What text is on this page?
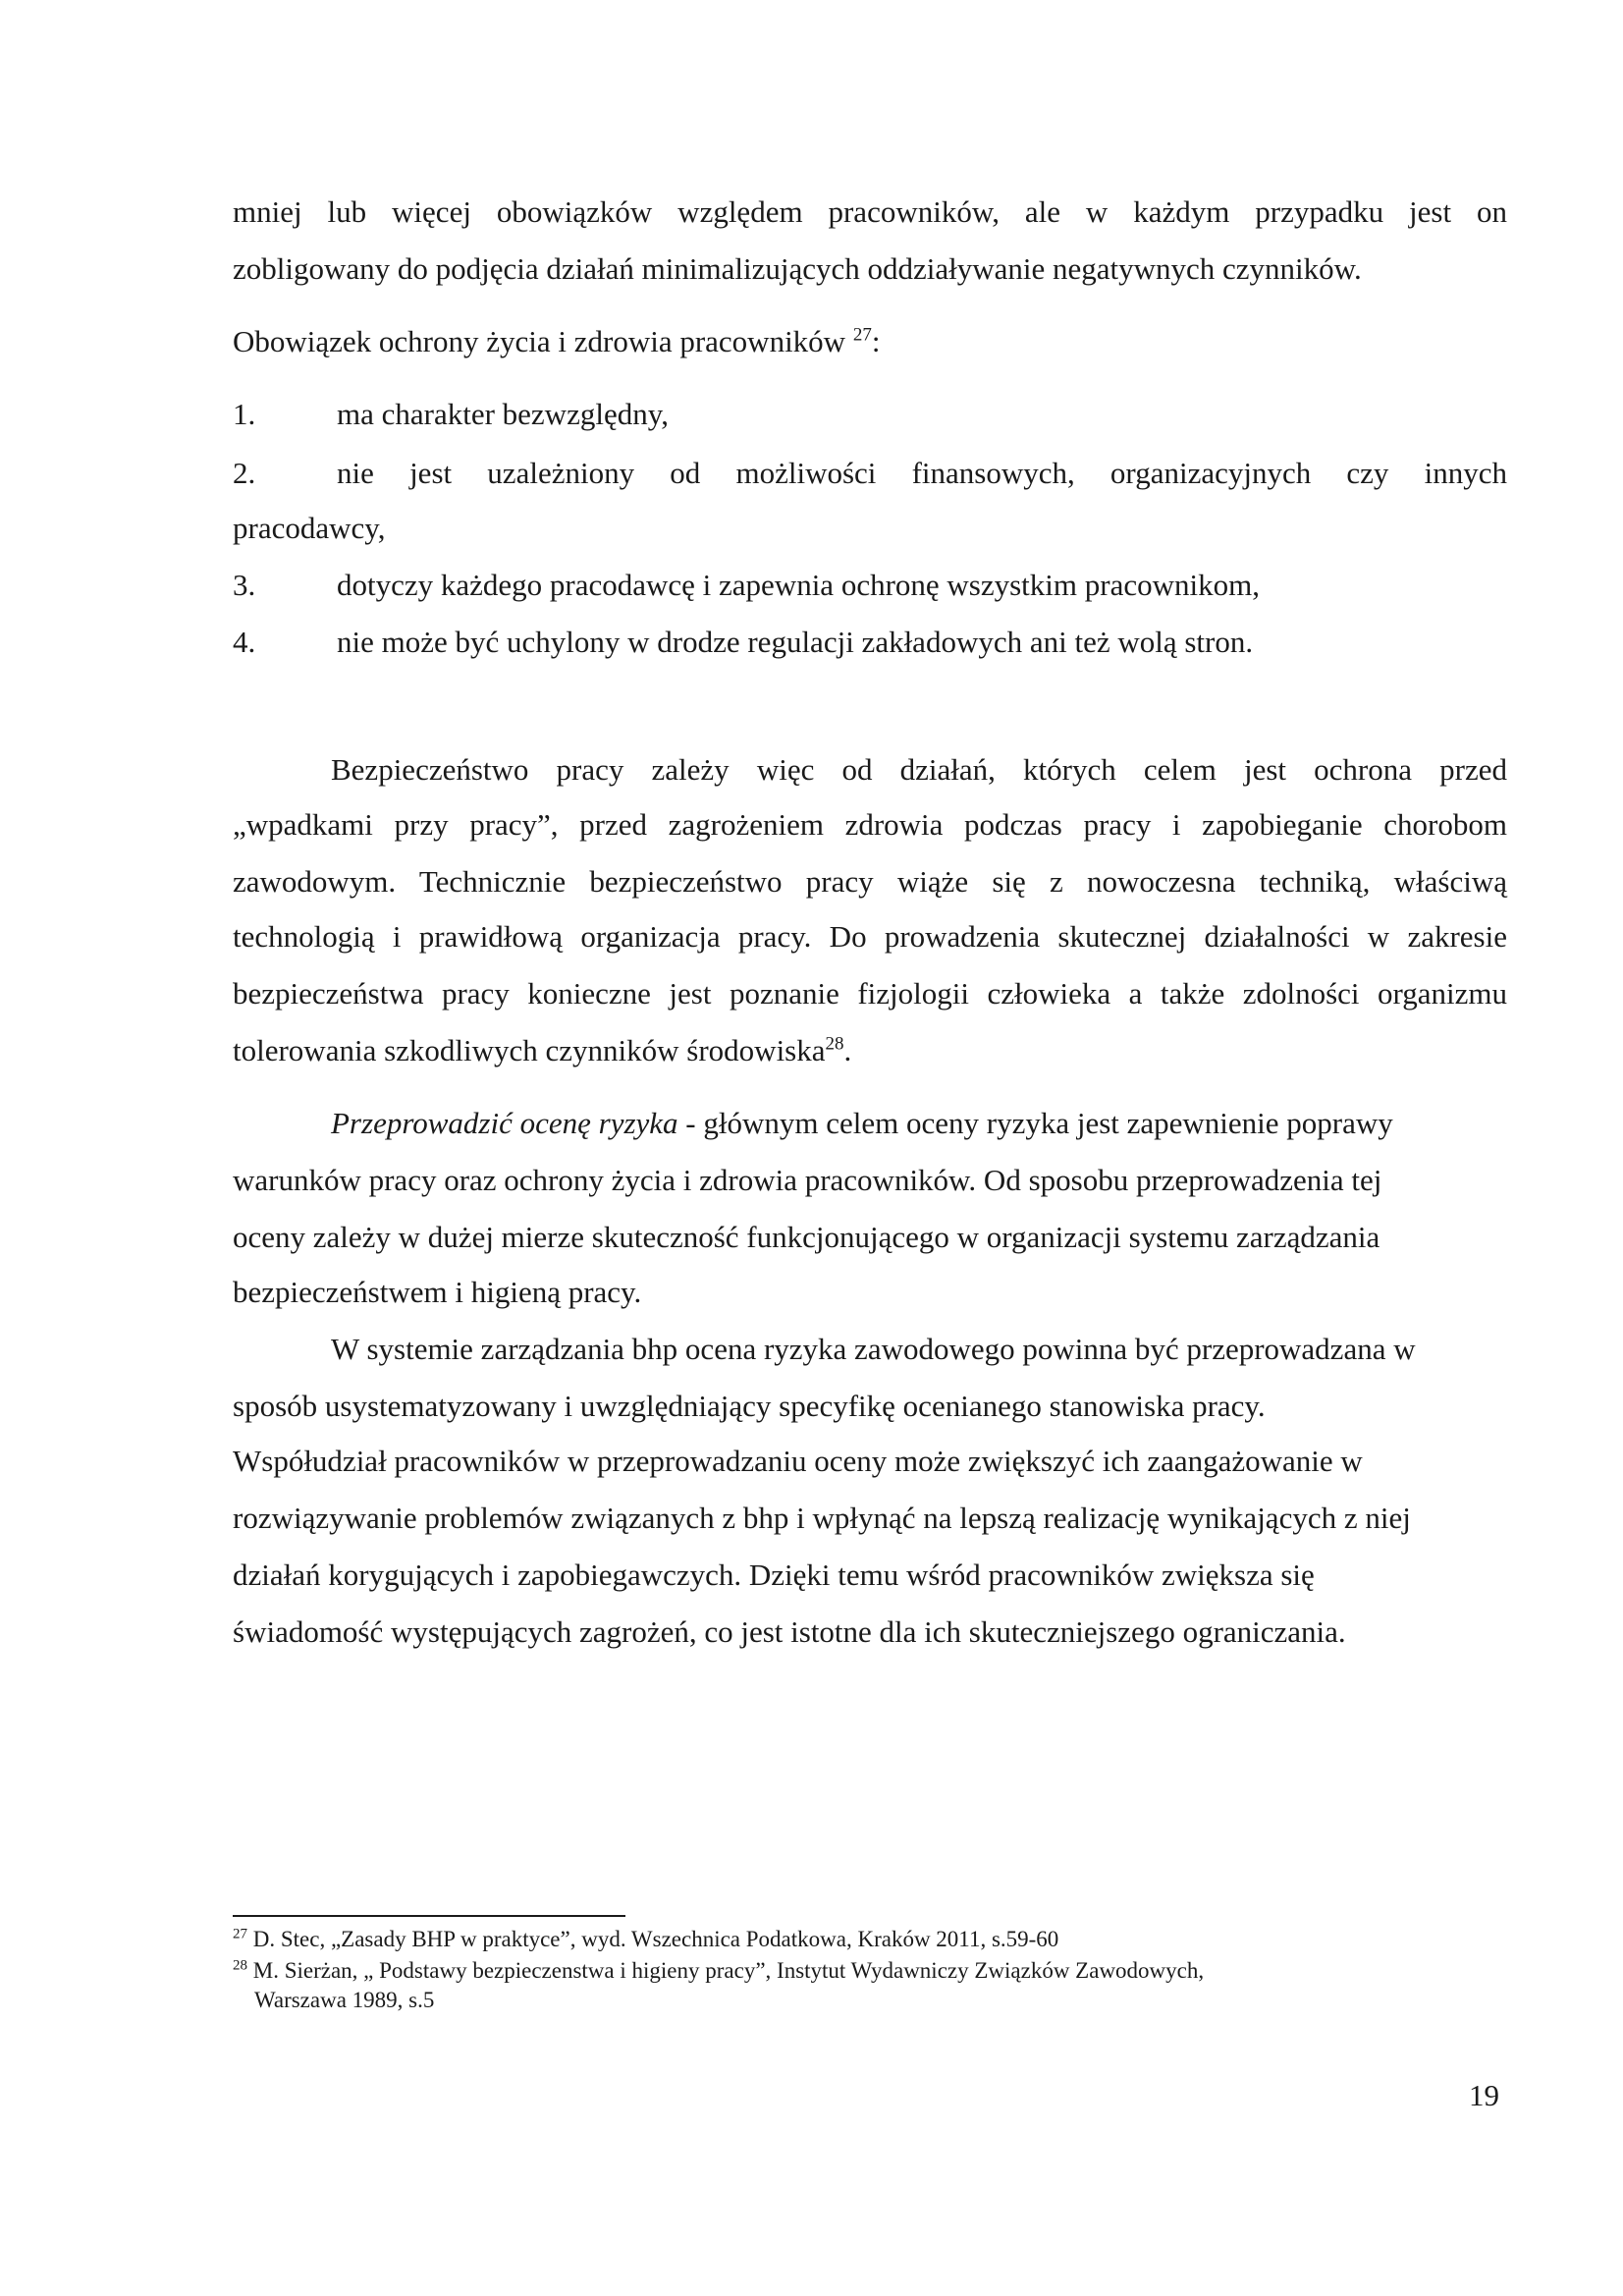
mniej lub więcej obowiązków względem pracowników, ale w każdym przypadku jest on
zobligowany do podjęcia działań minimalizujących oddziaływanie negatywnych czynników.
Obowiązek ochrony życia i zdrowia pracowników $^{27}$:
1.	ma charakter bezwzględny,
2.	nie jest uzależniony od możliwości finansowych, organizacyjnych czy innych
pracodawcy,
3.	dotyczy każdego pracodawcę i zapewnia ochronę wszystkim pracownikom,
4.	nie może być uchylony w drodze regulacji zakładowych ani też wolą stron.
Bezpieczeństwo pracy zależy więc od działań, których celem jest ochrona przed
„wpadkami przy pracy”, przed zagrożeniem zdrowia podczas pracy i zapobieganie chorobom
zawodowym. Technicznie bezpieczeństwo pracy wiąże się z nowoczesna techniką, właściwą
technologią i prawidłową organizacja pracy. Do prowadzenia skutecznej działalności w zakresie
bezpieczeństwa pracy konieczne jest poznanie fizjologii człowieka a także zdolności organizmu
tolerowania szkodliwych czynników środowiska$^{28}$.
Przeprowadzić ocenę ryzyka - głównym celem oceny ryzyka jest zapewnienie poprawy
warunków pracy oraz ochrony życia i zdrowia pracowników. Od sposobu przeprowadzenia tej
oceny zależy w dużej mierze skuteczność funkcjonującego w organizacji systemu zarządzania
bezpieczeństwem i higieną pracy.
W systemie zarządzania bhp ocena ryzyka zawodowego powinna być przeprowadzana w
sposób usystematyzowany i uwzględniający specyfikę ocenianego stanowiska pracy.
Współudział pracowników w przeprowadzaniu oceny może zwiększyć ich zaangażowanie w
rozwiązywanie problemów związanych z bhp i wpłynąć na lepszą realizację wynikających z niej
działań korygujących i zapobiegawczych. Dzięki temu wśród pracowników zwiększa się
świadomość występujących zagrożeń, co jest istotne dla ich skuteczniejszego ograniczania.
$^{27}$ D. Stec, „Zasady BHP w praktyce”, wyd. Wszechnica Podatkowa, Kraków 2011, s.59-60
$^{28}$ M. Sierżan, „ Podstawy bezpieczenstwa i higieny pracy”, Instytut Wydawniczy Związków Zawodowych,
Warszawa 1989, s.5
19
